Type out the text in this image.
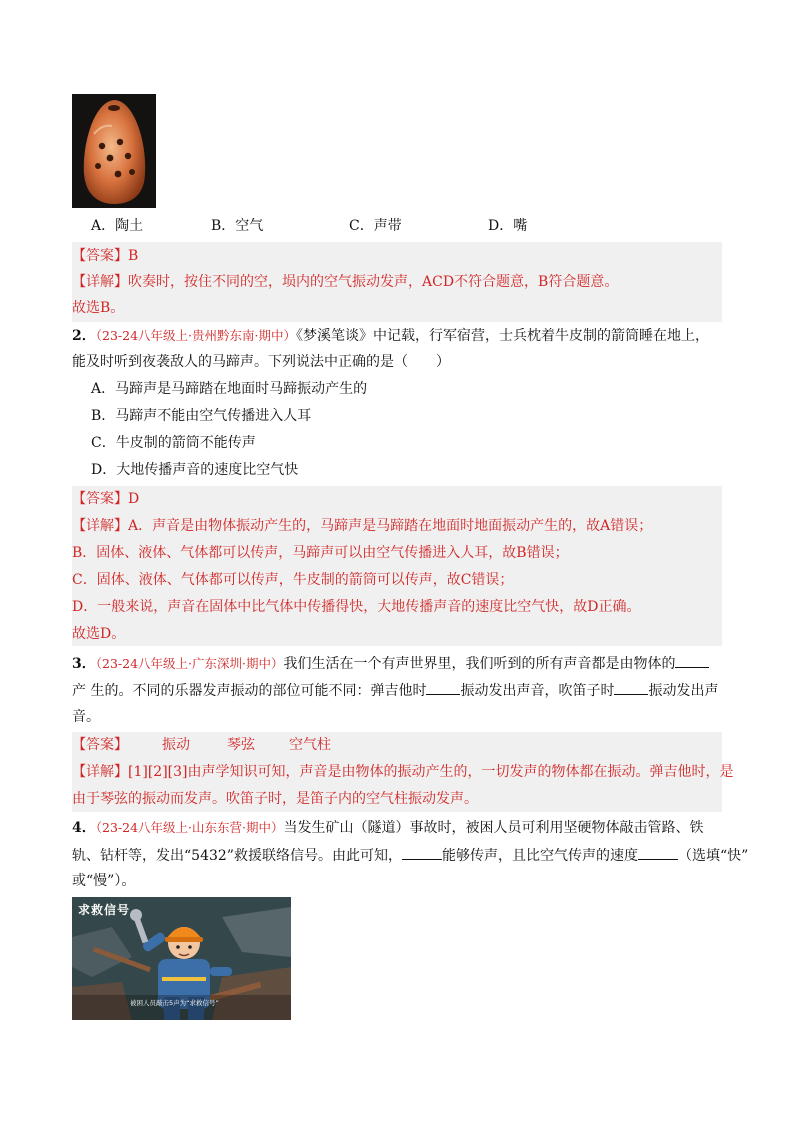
A．陶土	B．空气	C．声带	D．嘴
【答案】B
【详解】吹奏时，按住不同的空，埙内的空气振动发声，ACD不符合题意，B符合题意。
故选B。
2．（23-24八年级上·贵州黔东南·期中）《梦溪笔谈》中记载，行军宿营，士兵枕着牛皮制的箭筒睡在地上，
能及时听到夜袭敌人的马蹄声。下列说法中正确的是（　　）
A．马蹄声是马蹄踏在地面时马蹄振动产生的
B．马蹄声不能由空气传播进入人耳
C．牛皮制的箭筒不能传声
D．大地传播声音的速度比空气快
【答案】D
【详解】A．声音是由物体振动产生的，马蹄声是马蹄踏在地面时地面振动产生的，故A错误；
B．固体、液体、气体都可以传声，马蹄声可以由空气传播进入人耳，故B错误；
C．固体、液体、气体都可以传声，牛皮制的箭筒可以传声，故C错误；
D．一般来说，声音在固体中比气体中传播得快，大地传播声音的速度比空气快，故D正确。
故选D。
3．（23-24八年级上·广东深圳·期中）我们生活在一个有声世界里，我们听到的所有声音都是由物体的
产 生的。不同的乐器发声振动的部位可能不同：弹吉他时 振动发出声音，吹笛子时 振动发出声
音。
【答案】 振动	琴弦 空气柱
【详解】[1][2][3]由声学知识可知，声音是由物体的振动产生的，一切发声的物体都在振动。弹吉他时，是
由于琴弦的振动而发声。吹笛子时，是笛子内的空气柱振动发声。
4．（23-24八年级上·山东东营·期中）当发生矿山（隧道）事故时，被困人员可利用坚硬物体敲击管路、铁
轨、钻杆等，发出“5432”救援联络信号。由此可知，	能够传声，且比空气传声的速度	（选填“快”
或“慢”）。
求救信号
被困人员敲击5声为“求救信号”
